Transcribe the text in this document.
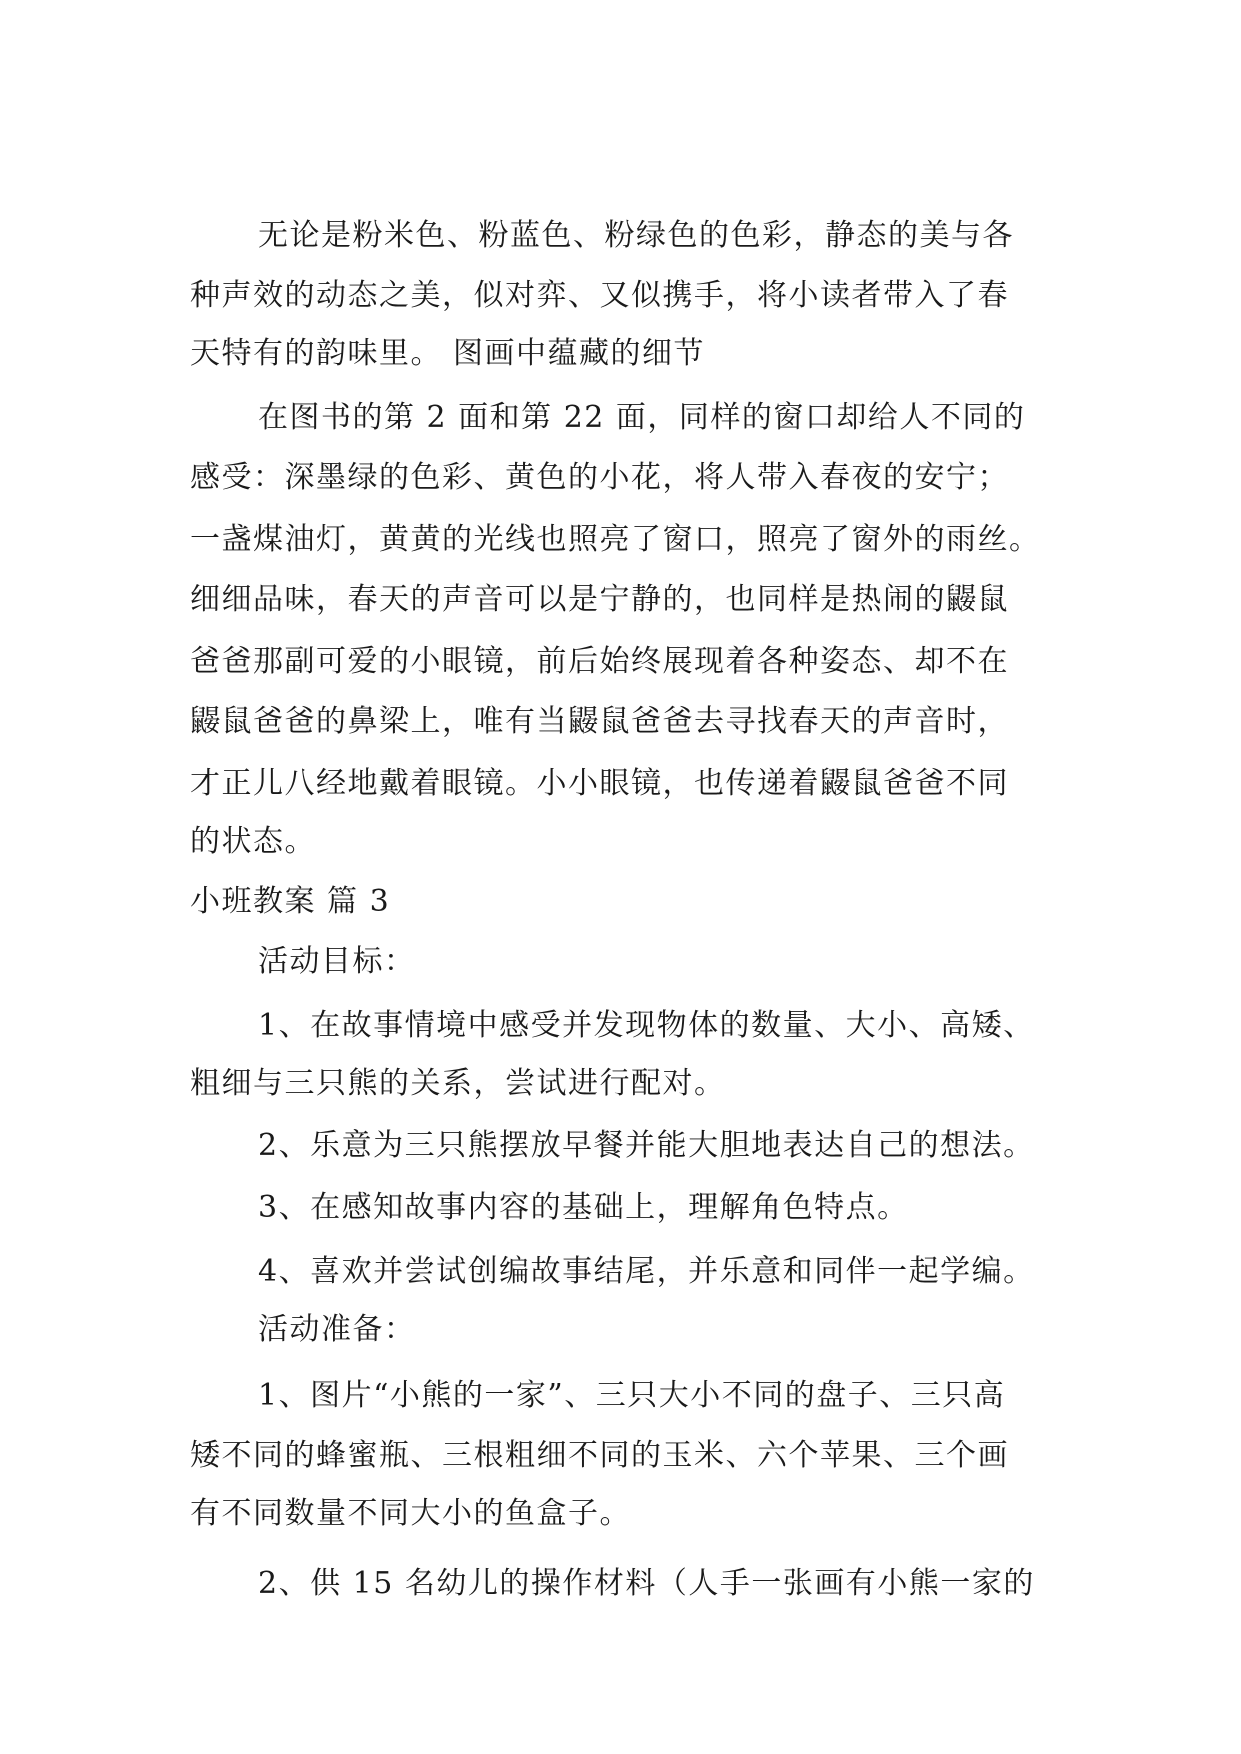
无论是粉米色、粉蓝色、粉绿色的色彩，静态的美与各

种声效的动态之美，似对弈、又似携手，将小读者带入了春

天特有的韵味里。 图画中蕴藏的细节

在图书的第 2 面和第 22 面，同样的窗口却给人不同的

感受：深墨绿的色彩、黄色的小花，将人带入春夜的安宁；

一盏煤油灯，黄黄的光线也照亮了窗口，照亮了窗外的雨丝。

细细品味，春天的声音可以是宁静的，也同样是热闹的鼹鼠

爸爸那副可爱的小眼镜，前后始终展现着各种姿态、却不在

鼹鼠爸爸的鼻梁上，唯有当鼹鼠爸爸去寻找春天的声音时，

才正儿八经地戴着眼镜。小小眼镜，也传递着鼹鼠爸爸不同

的状态。

小班教案 篇 3

活动目标：

1、在故事情境中感受并发现物体的数量、大小、高矮、

粗细与三只熊的关系，尝试进行配对。

2、乐意为三只熊摆放早餐并能大胆地表达自己的想法。

3、在感知故事内容的基础上，理解角色特点。

4、喜欢并尝试创编故事结尾，并乐意和同伴一起学编。

活动准备：

1、图片“小熊的一家”、三只大小不同的盘子、三只高

矮不同的蜂蜜瓶、三根粗细不同的玉米、六个苹果、三个画

有不同数量不同大小的鱼盒子。

2、供 15 名幼儿的操作材料（人手一张画有小熊一家的
